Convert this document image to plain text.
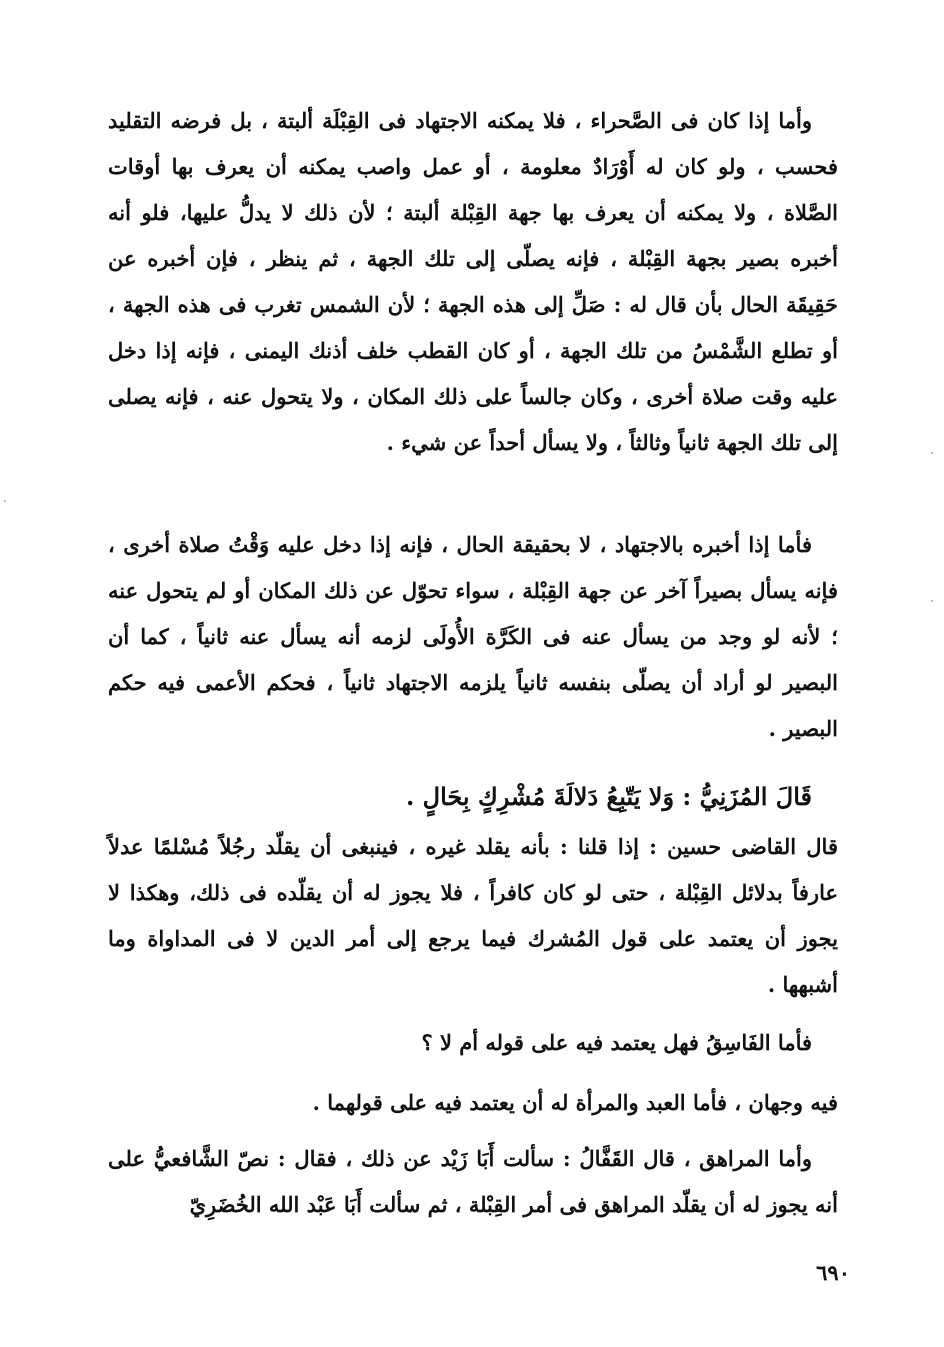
وأما إذا كان فى الصَّحراء ، فلا يمكنه الاجتهاد فى القِبْلَة ألبتة ، بل فرضه التقليد فحسب ، ولو كان له أَوْرَادٌ معلومة ، أو عمل واصب يمكنه أن يعرف بها أوقات الصَّلاة ، ولا يمكنه أن يعرف بها جهة القِبْلة ألبتة ؛ لأن ذلك لا يدلُّ عليها، فلو أنه أخبره بصير بجهة القِبْلة ، فإنه يصلّى إلى تلك الجهة ، ثم ينظر ، فإن أخبره عن حَقِيقَة الحال بأن قال له : صَلِّ إلى هذه الجهة ؛ لأن الشمس تغرب فى هذه الجهة ، أو تطلع الشَّمْسُ من تلك الجهة ، أو كان القطب خلف أذنك اليمنى ، فإنه إذا دخل عليه وقت صلاة أخرى ، وكان جالساً على ذلك المكان ، ولا يتحول عنه ، فإنه يصلى إلى تلك الجهة ثانياً وثالثاً ، ولا يسأل أحداً عن شيء .

فأما إذا أخبره بالاجتهاد ، لا بحقيقة الحال ، فإنه إذا دخل عليه وَقْتُ صلاة أخرى ، فإنه يسأل بصيراً آخر عن جهة القِبْلة ، سواء تحوّل عن ذلك المكان أو لم يتحول عنه ؛ لأنه لو وجد من يسأل عنه فى الكَرَّة الأُولَى لزمه أنه يسأل عنه ثانياً ، كما أن البصير لو أراد أن يصلّى بنفسه ثانياً يلزمه الاجتهاد ثانياً ، فحكم الأعمى فيه حكم البصير .

قَالَ المُزَنِيُّ : وَلا يَتّبِعُ دَلالَةَ مُشْرِكٍ بِحَالٍ .

قال القاضى حسين : إذا قلنا : بأنه يقلد غيره ، فينبغى أن يقلّد رجُلاً مُسْلمًا عدلاً عارفاً بدلائل القِبْلة ، حتى لو كان كافراً ، فلا يجوز له أن يقلّده فى ذلك، وهكذا لا يجوز أن يعتمد على قول المُشرك فيما يرجع إلى أمر الدين لا فى المداواة وما أشبهها .

فأما الفَاسِقُ فهل يعتمد فيه على قوله أم لا ؟

فيه وجهان ، فأما العبد والمرأة له أن يعتمد فيه على قولهما .

وأما المراهق ، قال القَفَّالُ : سألت أَبَا زَيْد عن ذلك ، فقال : نصّ الشَّافعيُّ على أنه يجوز له أن يقلّد المراهق فى أمر القِبْلة ، ثم سألت أَبَا عَبْد الله الخُضَرِيّ

٦٩٠
